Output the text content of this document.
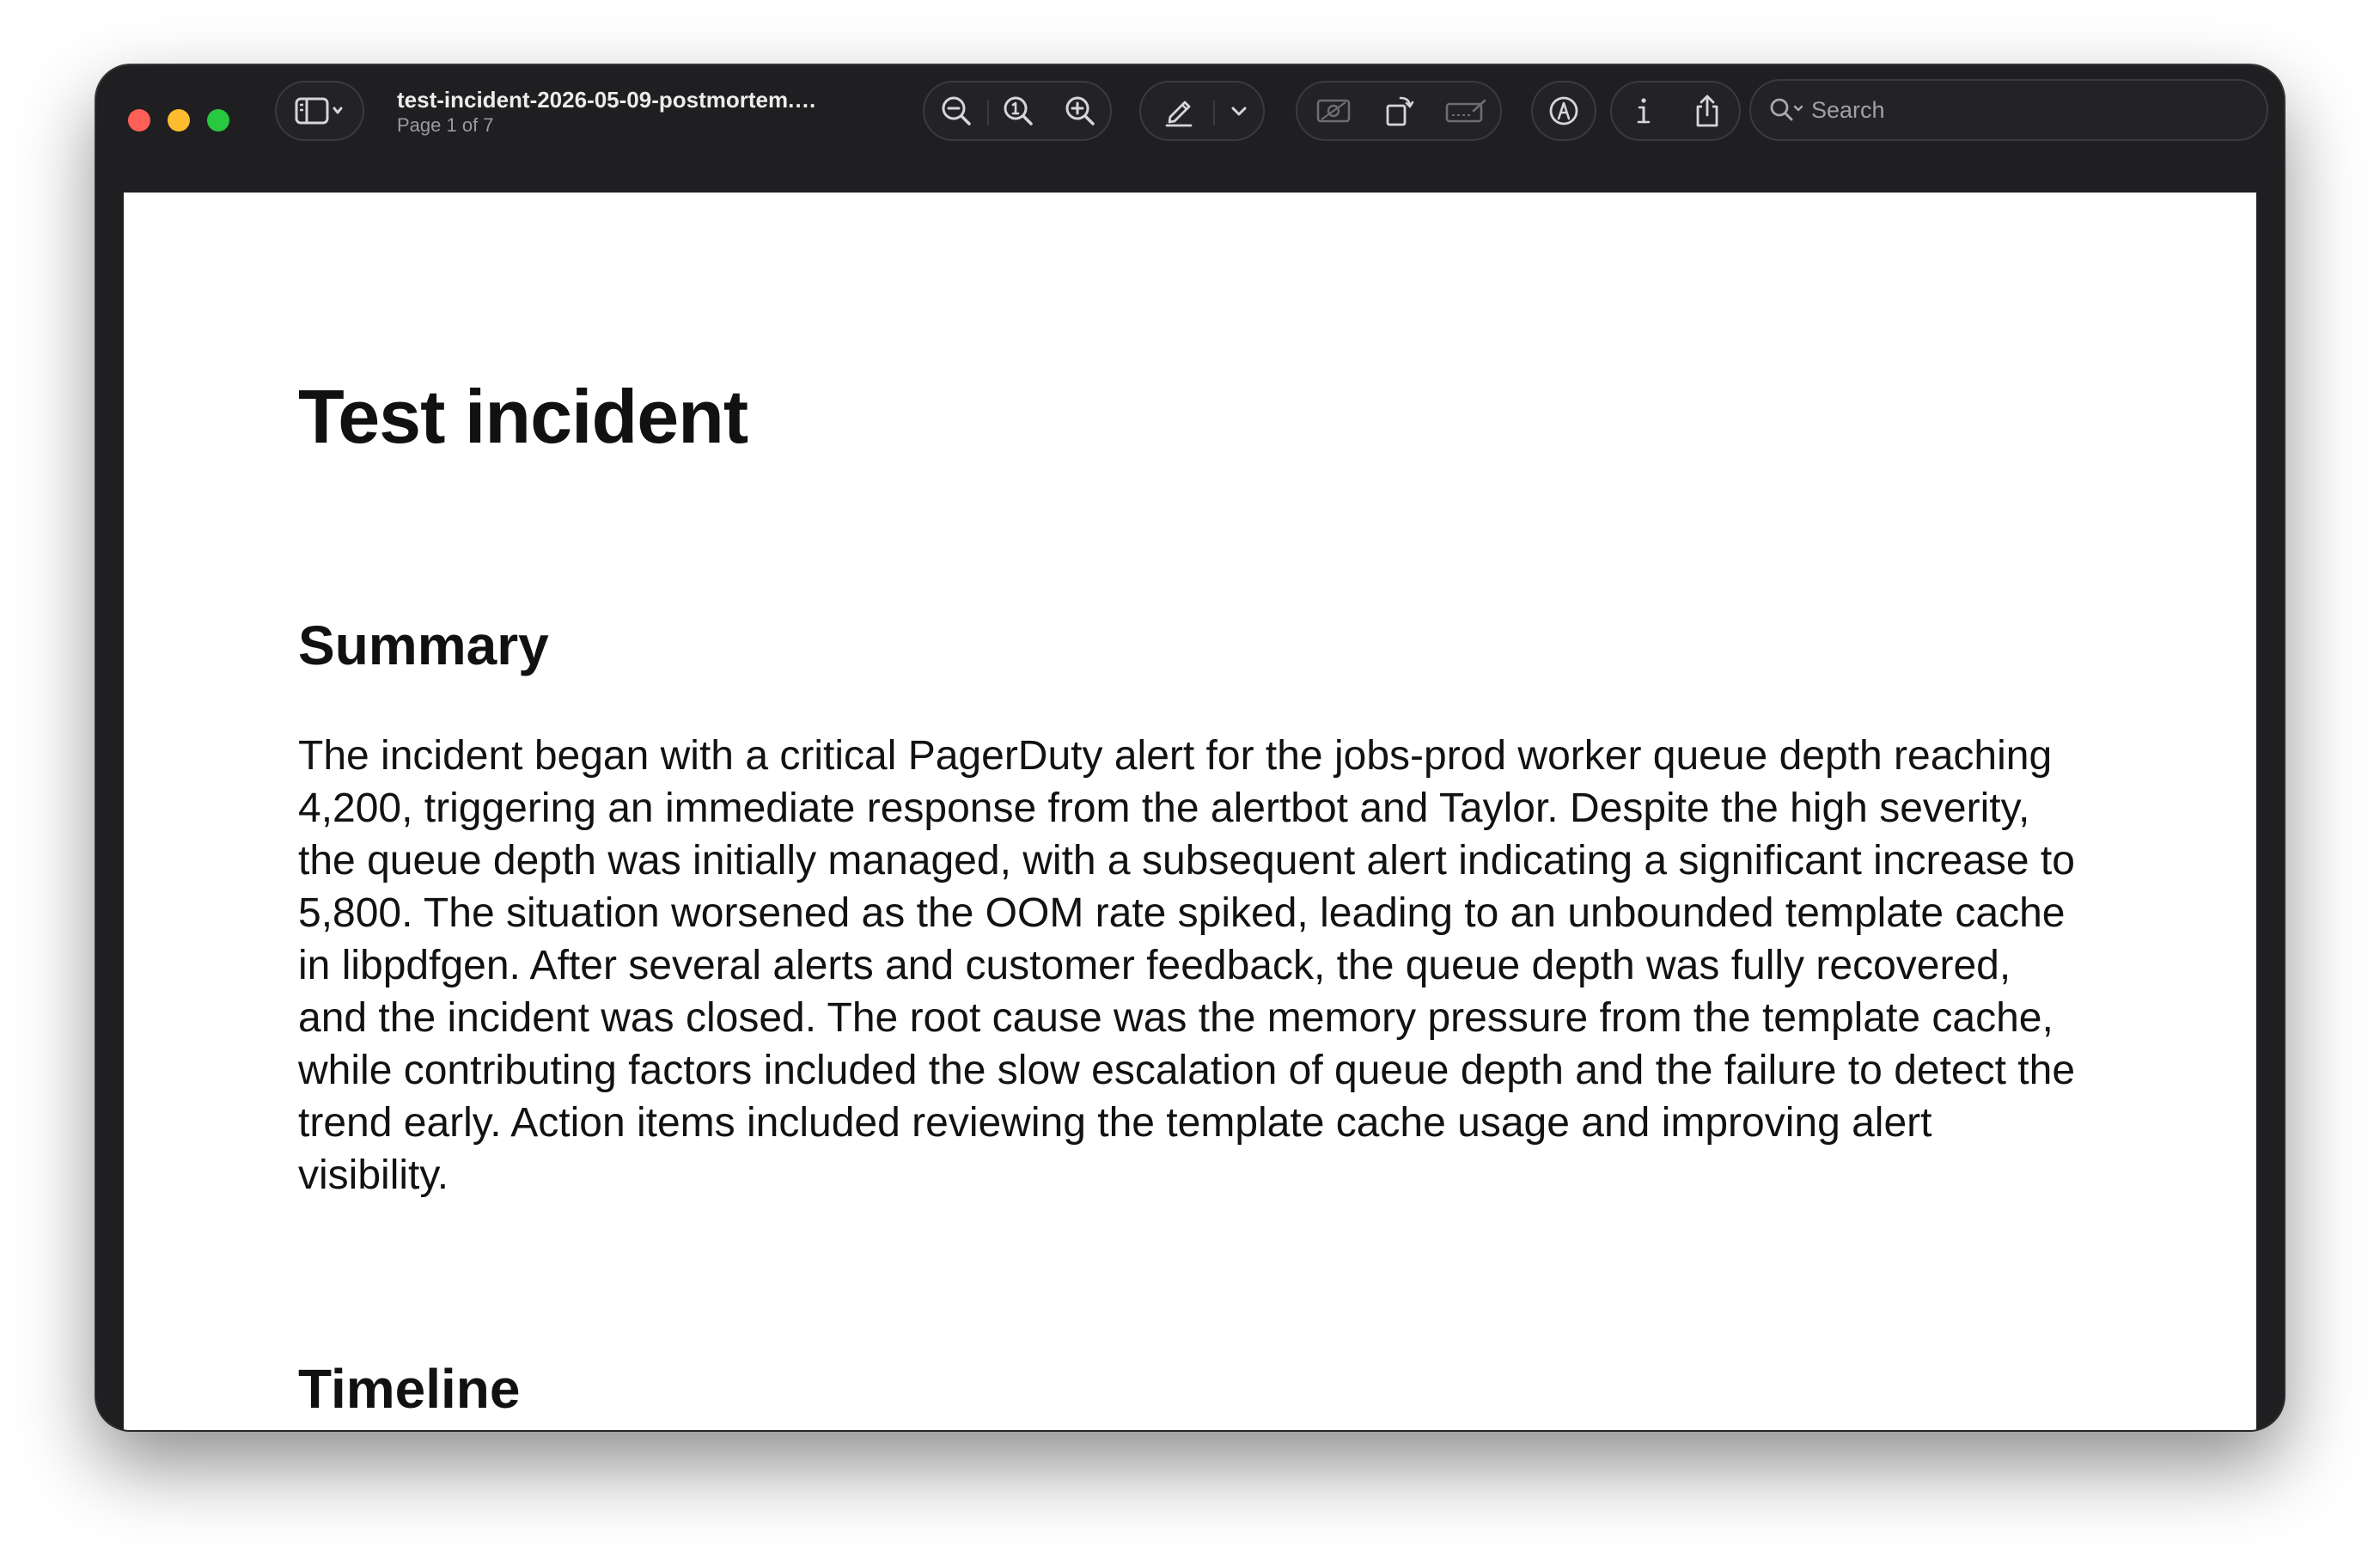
test-incident-2026-05-09-postmortem.…
Page 1 of 7
Search
Test incident
Summary

The incident began with a critical PagerDuty alert for the jobs-prod worker queue depth reaching 4,200, triggering an immediate response from the alertbot and Taylor. Despite the high severity, the queue depth was initially managed, with a subsequent alert indicating a significant increase to 5,800. The situation worsened as the OOM rate spiked, leading to an unbounded template cache in libpdfgen. After several alerts and customer feedback, the queue depth was fully recovered, and the incident was closed. The root cause was the memory pressure from the template cache, while contributing factors included the slow escalation of queue depth and the failure to detect the trend early. Action items included reviewing the template cache usage and improving alert visibility.

Timeline
